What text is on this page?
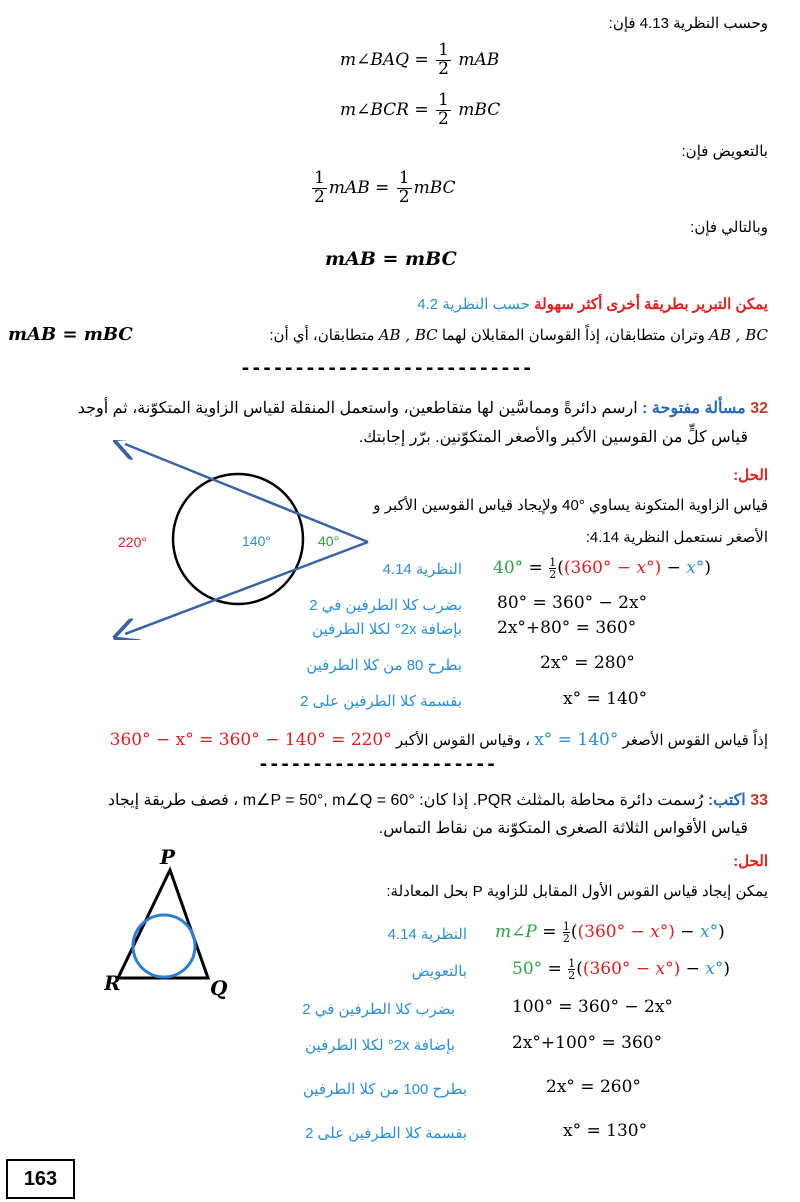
وحسب النظرية 4.13 فإن:
m∠BAQ = $\frac{1}{2}$ mAB
m∠BCR = $\frac{1}{2}$ mBC
بالتعويض فإن:
$\frac{1}{2}$ mAB = $\frac{1}{2}$ mBC
وبالتالي فإن:
mAB = mBC
يمكن التبرير بطريقة أخرى أكثر سهولة حسب النظرية 4.2
mAB = mBC	AB , BC وتران متطابقان، إذاً القوسان المقابلان لهما AB , BC متطابقان، أي أن:
---------------------------
32 مسألة مفتوحة : ارسم دائرةً ومماسَّين لها متقاطعين، واستعمل المنقلة لقياس الزاوية المتكوّنة، ثم أوجد
قياس كلٍّ من القوسين الأكبر والأصغر المتكوّنين. برّر إجابتك.
الحل:
قياس الزاوية المتكونة يساوي °40 ولإيجاد قياس القوسين الأكبر و
الأصغر نستعمل النظرية 4.14:
220°	140°	40°
النظرية 4.14 $40^\circ = \frac{1}{2} ((360^\circ - x^\circ) - x^\circ)$
بضرب كلا الطرفين في 2 80° = 360° − 2x°
بإضافة 2x° لكلا الطرفين 2x°+80° = 360°
بطرح 80 من كلا الطرفين	2x° = 280°
بقسمة كلا الطرفين على 2	x° = 140°
إذاً قياس القوس الأصغر x° = 140° ، وقياس القوس الأكبر 360° − x° = 360° − 140° = 220°
----------------------
33 اكتب: رُسمت دائرة محاطة بالمثلث PQR. إذا كان: m∠P = 50°, m∠Q = 60° ، فصف طريقة إيجاد
قياس الأقواس الثلاثة الصغرى المتكوّنة من نقاط التماس.
الحل:
يمكن إيجاد قياس القوس الأول المقابل للزاوية P بحل المعادلة:
P
Q
R
النظرية 4.14 m∠P = $\frac{1}{2} ((360^\circ - x^\circ) - x^\circ)$
بالتعويض	$50^\circ = \frac{1}{2} ((360^\circ - x^\circ) - x^\circ)$
بضرب كلا الطرفين في 2	100° = 360° − 2x°
بإضافة 2x° لكلا الطرفين	2x°+100° = 360°
بطرح 100 من كلا الطرفين	2x° = 260°
بقسمة كلا الطرفين على 2	x° = 130°
163
